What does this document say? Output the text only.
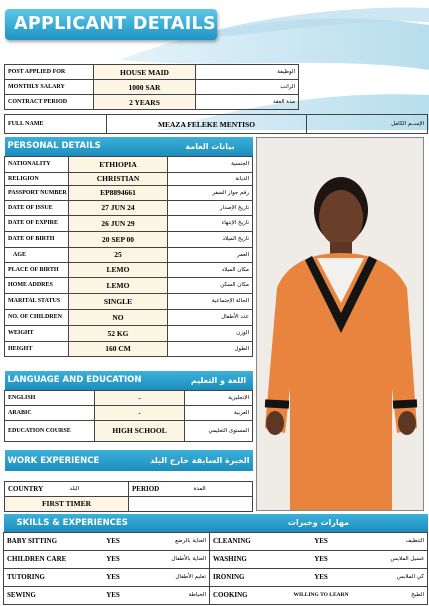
APPLICANT DETAILS
POST APPLIED FOR	HOUSE MAID	الوظيفة
MONTHLY SALARY	1000 SAR	الراتب
CONTRACT PERIOD	2 YEARS	مدة العقد
FULL NAME	MEAZA FELEKE MENTISO	الإســم الكامل
PERSONAL DETAILS		بيانات العامة
NATIONALITY	ETHIOPIA	الجنسية
RELIGION	CHRISTIAN	الديانة
PASSPORT NUMBER	EP8894661	رقم جواز السفر
DATE OF ISSUE	27 JUN 24	تاريخ الإصدار
DATE OF EXPIRE	26 JUN 29	تاريخ الإنتهاء
DATE OF BIRTH	20 SEP 00	تاريخ الميلاد
AGE	25	العمر
PLACE OF BIRTH	LEMO	مكان الميلاد
HOME ADDRES	LEMO	مكان السكن
MARITAL STATUS	SINGLE	الحالة الإجتماعية
NO. OF CHILDREN	NO	عدد الأطفال
WEIGHT	52 KG	الوزن
HEIGHT	160 CM	الطول
LANGUAGE AND EDUCATION		اللغة و التعليم
ENGLISH	-	الإنجليزية
ARABIC	-	العربية
EDUCATION COURSE	HIGH SCHOOL	المستوى التعليمي
WORK EXPERIENCE		الخبرة السابقة خارج البلد	

COUNTRY	البلد	PERIOD	المدة
FIRST TIMER			
SKILLS & EXPERIENCES			مهارات وخبرات		
BABY SITTING	YES	العناية بالرضع	CLEANING	YES	التنظيف
CHILDREN CARE	YES	العناية بالأطفال	WASHING	YES	غسيل الملابس
TUTORING	YES	تعليم الأطفال	IRONING	YES	كي الملابس
SEWING	YES	الخياطة	COOKING	WILLING TO LEARN	الطبخ
